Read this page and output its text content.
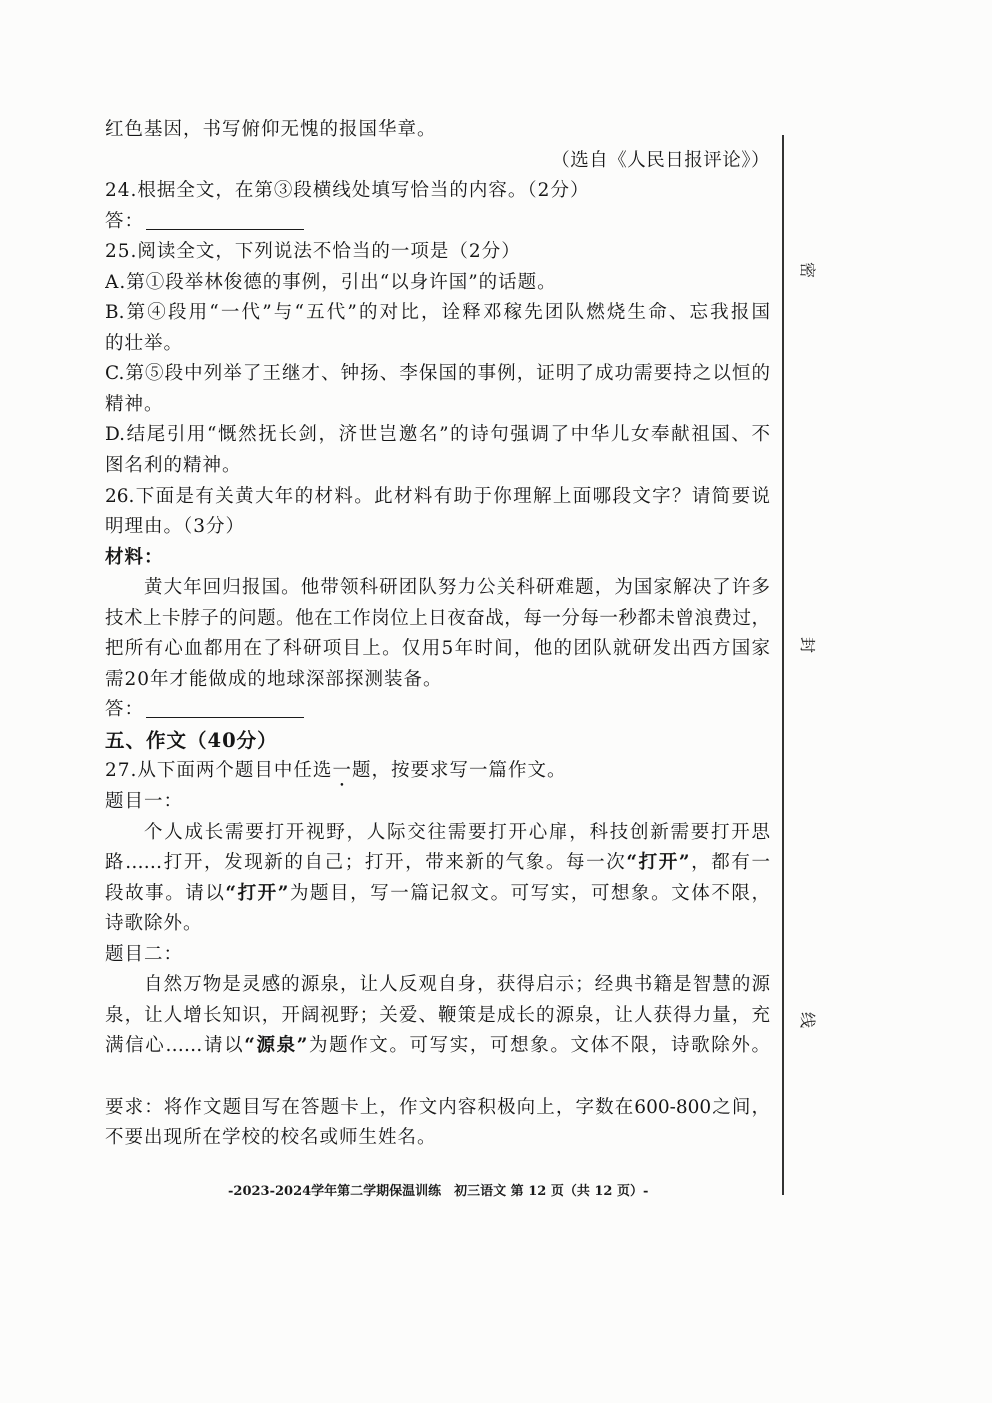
红色基因，书写俯仰无愧的报国华章。
（选自《人民日报评论》）
24.根据全文，在第③段横线处填写恰当的内容。（2分）
答：
25.阅读全文，下列说法不恰当的一项是（2分）
A.第①段举林俊德的事例，引出“以身许国”的话题。
B.第④段用“一代”与“五代”的对比，诠释邓稼先团队燃烧生命、忘我报国
的壮举。
C.第⑤段中列举了王继才、钟扬、李保国的事例，证明了成功需要持之以恒的
精神。
D.结尾引用“慨然抚长剑，济世岂邀名”的诗句强调了中华儿女奉献祖国、不
图名利的精神。
26.下面是有关黄大年的材料。此材料有助于你理解上面哪段文字？请简要说
明理由。（3分）
材料：
黄大年回归报国。他带领科研团队努力公关科研难题，为国家解决了许多
技术上卡脖子的问题。他在工作岗位上日夜奋战，每一分每一秒都未曾浪费过，
把所有心血都用在了科研项目上。仅用5年时间，他的团队就研发出西方国家
需20年才能做成的地球深部探测装备。
答：
五、作文（40分）
27.从下面两个题目中任选一题，按要求写一篇作文。
题目一：
个人成长需要打开视野，人际交往需要打开心扉，科技创新需要打开思
路……打开，发现新的自己；打开，带来新的气象。每一次“打开”，都有一
段故事。请以“打开”为题目，写一篇记叙文。可写实，可想象。文体不限，
诗歌除外。
题目二：
自然万物是灵感的源泉，让人反观自身，获得启示；经典书籍是智慧的源
泉，让人增长知识，开阔视野；关爱、鞭策是成长的源泉，让人获得力量，充
满信心……请以“源泉”为题作文。可写实，可想象。文体不限，诗歌除外。
要求：将作文题目写在答题卡上，作文内容积极向上，字数在600-800之间，
不要出现所在学校的校名或师生姓名。
密
封
线
-2023-2024学年第二学期保温训练　初三语文 第 12 页（共 12 页）-
